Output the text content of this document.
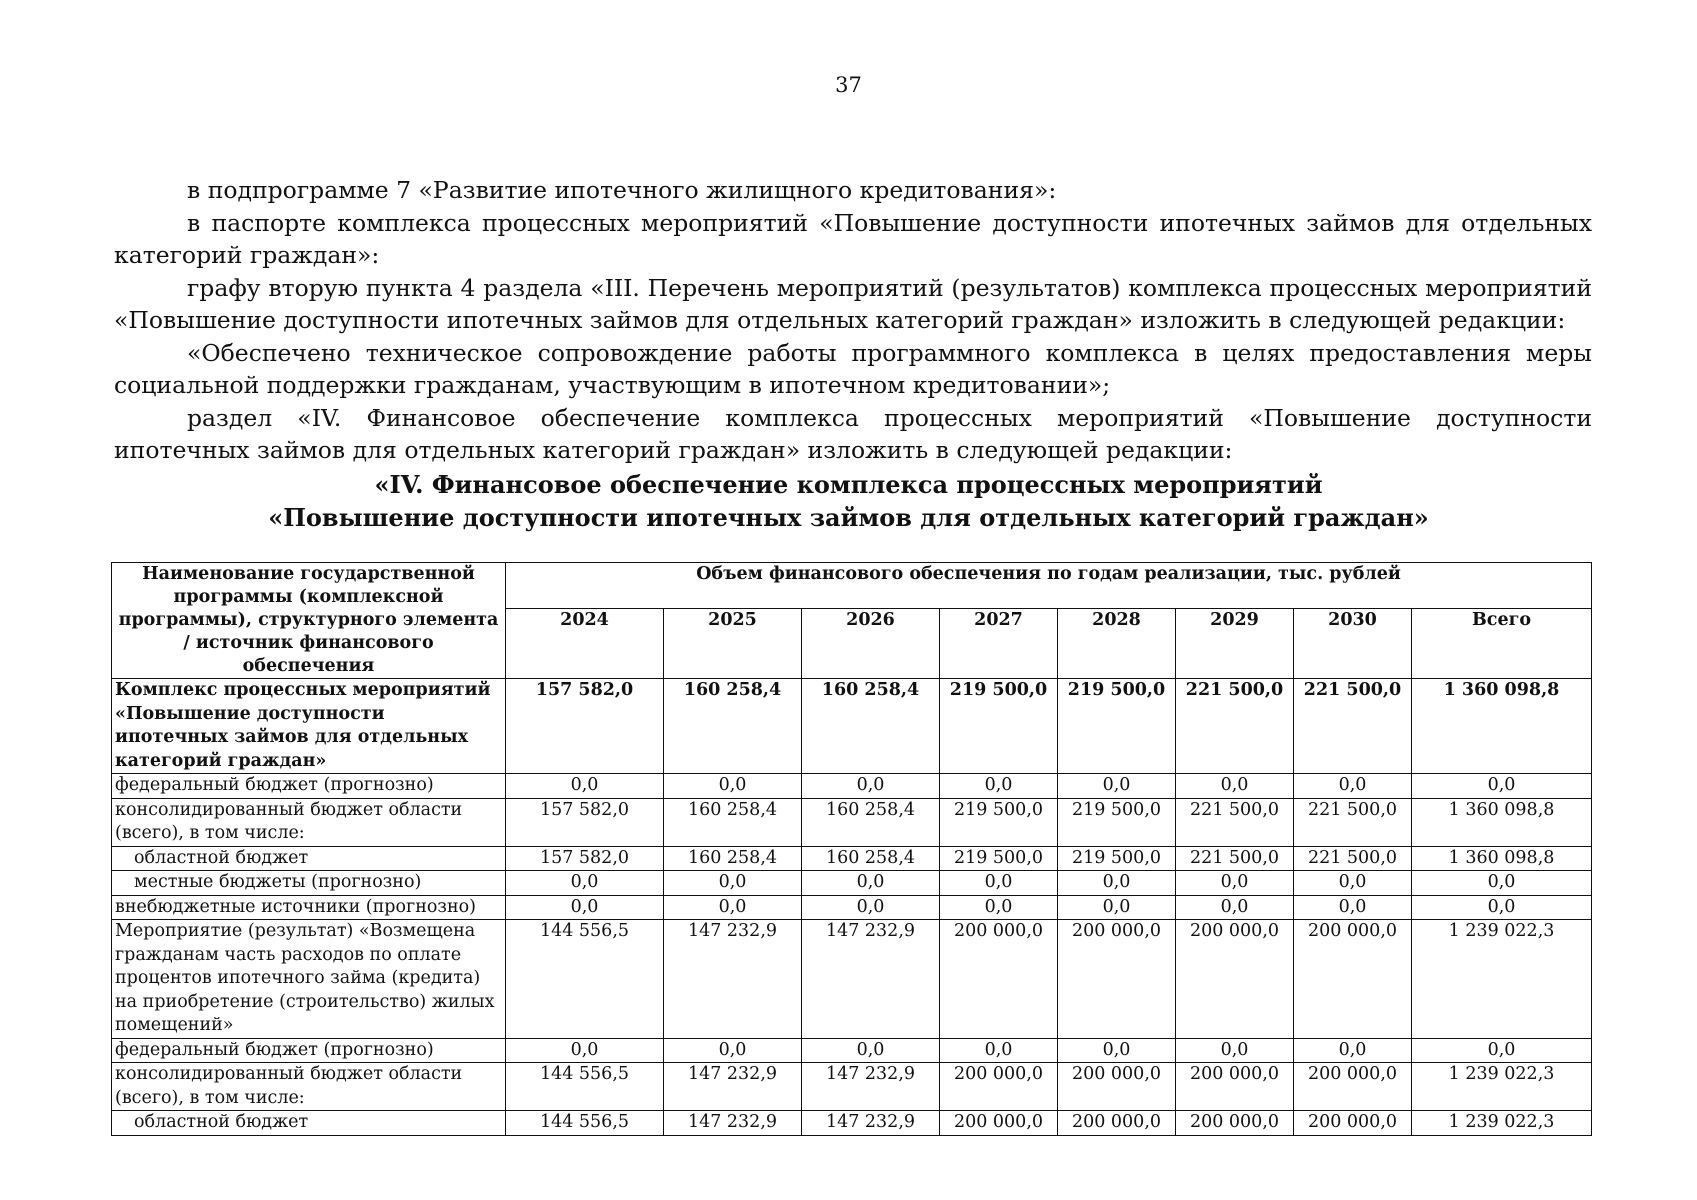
37

в подпрограмме 7 «Развитие ипотечного жилищного кредитования»:

в паспорте комплекса процессных мероприятий «Повышение доступности ипотечных займов для отдельных категорий граждан»:

графу вторую пункта 4 раздела «III. Перечень мероприятий (результатов) комплекса процессных мероприятий «Повышение доступности ипотечных займов для отдельных категорий граждан» изложить в следующей редакции:

«Обеспечено техническое сопровождение работы программного комплекса в целях предоставления меры социальной поддержки гражданам, участвующим в ипотечном кредитовании»;

раздел «IV. Финансовое обеспечение комплекса процессных мероприятий «Повышение доступности ипотечных займов для отдельных категорий граждан» изложить в следующей редакции:

«IV. Финансовое обеспечение комплекса процессных мероприятий
«Повышение доступности ипотечных займов для отдельных категорий граждан»
Наименование государственной программы (комплексной программы), структурного элемента / источник финансового обеспечения	Объем финансового обеспечения по годам реализации, тыс. рублей							
	2024	2025	2026	2027	2028	2029	2030	Всего
Комплекс процессных мероприятий «Повышение доступности ипотечных займов для отдельных категорий граждан»	157 582,0	160 258,4	160 258,4	219 500,0	219 500,0	221 500,0	221 500,0	1 360 098,8
федеральный бюджет (прогнозно)	0,0	0,0	0,0	0,0	0,0	0,0	0,0	0,0
консолидированный бюджет области (всего), в том числе:	157 582,0	160 258,4	160 258,4	219 500,0	219 500,0	221 500,0	221 500,0	1 360 098,8
областной бюджет	157 582,0	160 258,4	160 258,4	219 500,0	219 500,0	221 500,0	221 500,0	1 360 098,8
местные бюджеты (прогнозно)	0,0	0,0	0,0	0,0	0,0	0,0	0,0	0,0
внебюджетные источники (прогнозно)	0,0	0,0	0,0	0,0	0,0	0,0	0,0	0,0
Мероприятие (результат) «Возмещена гражданам часть расходов по оплате процентов ипотечного займа (кредита) на приобретение (строительство) жилых помещений»	144 556,5	147 232,9	147 232,9	200 000,0	200 000,0	200 000,0	200 000,0	1 239 022,3
федеральный бюджет (прогнозно)	0,0	0,0	0,0	0,0	0,0	0,0	0,0	0,0
консолидированный бюджет области (всего), в том числе:	144 556,5	147 232,9	147 232,9	200 000,0	200 000,0	200 000,0	200 000,0	1 239 022,3
областной бюджет	144 556,5	147 232,9	147 232,9	200 000,0	200 000,0	200 000,0	200 000,0	1 239 022,3
